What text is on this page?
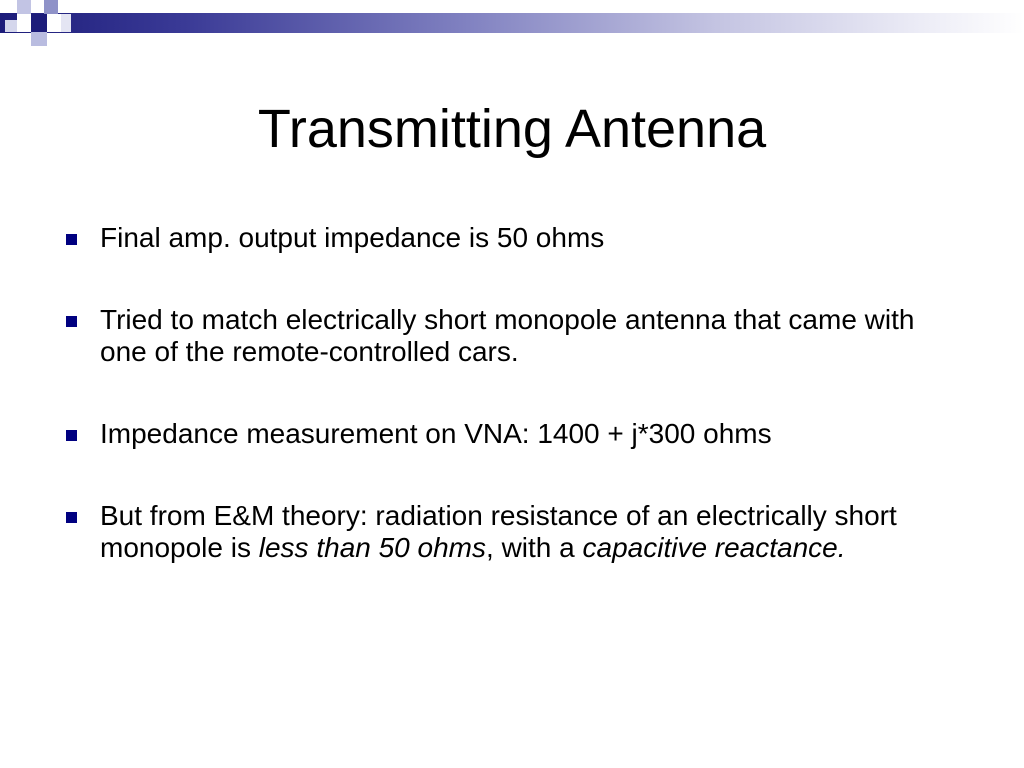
Transmitting Antenna
Final amp. output impedance is 50 ohms
Tried to match electrically short monopole antenna that came with one of the remote-controlled cars.
Impedance measurement on VNA: 1400 + j*300 ohms
But from E&M theory: radiation resistance of an electrically short monopole is less than 50 ohms, with a capacitive reactance.
